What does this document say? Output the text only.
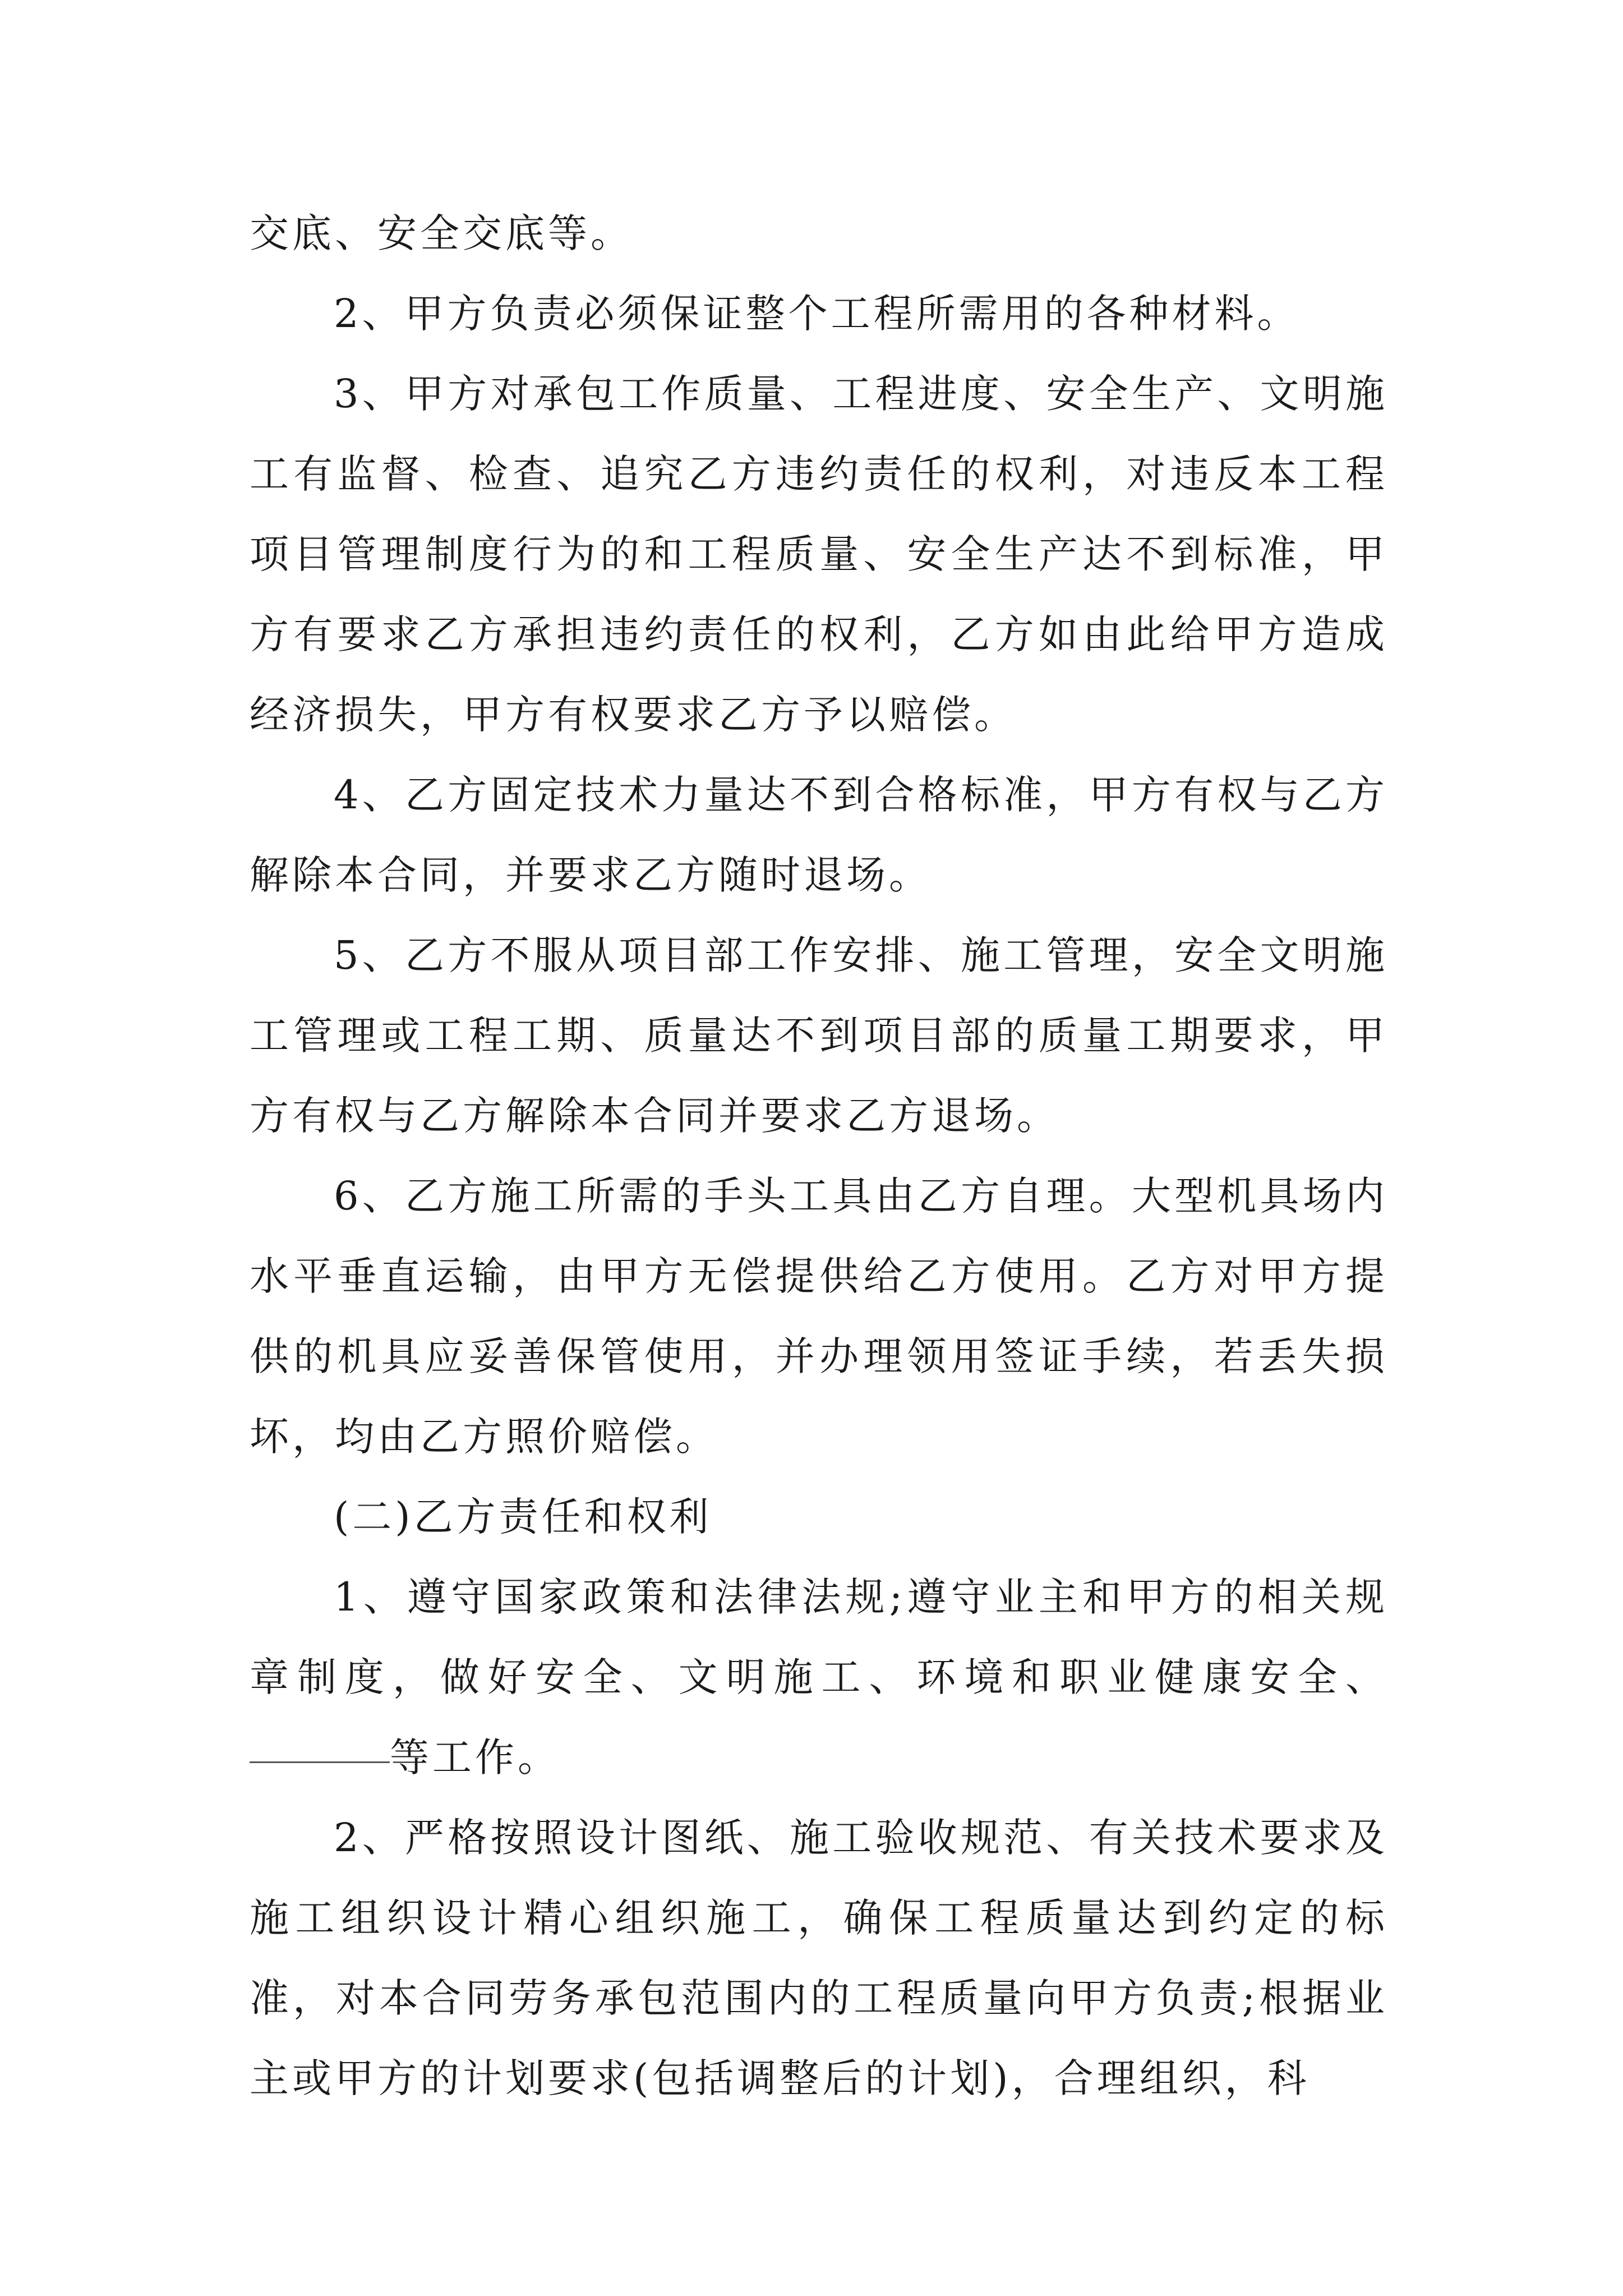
交底、安全交底等。

2、甲方负责必须保证整个工程所需用的各种材料。

3、甲方对承包工作质量、工程进度、安全生产、文明施工有监督、检查、追究乙方违约责任的权利，对违反本工程项目管理制度行为的和工程质量、安全生产达不到标准，甲方有要求乙方承担违约责任的权利，乙方如由此给甲方造成经济损失，甲方有权要求乙方予以赔偿。

4、乙方固定技术力量达不到合格标准，甲方有权与乙方解除本合同，并要求乙方随时退场。

5、乙方不服从项目部工作安排、施工管理，安全文明施工管理或工程工期、质量达不到项目部的质量工期要求，甲方有权与乙方解除本合同并要求乙方退场。

6、乙方施工所需的手头工具由乙方自理。大型机具场内水平垂直运输，由甲方无偿提供给乙方使用。乙方对甲方提供的机具应妥善保管使用，并办理领用签证手续，若丢失损坏，均由乙方照价赔偿。

(二)乙方责任和权利

1、遵守国家政策和法律法规;遵守业主和甲方的相关规章制度，做好安全、文明施工、环境和职业健康安全、等工作。

2、严格按照设计图纸、施工验收规范、有关技术要求及施工组织设计精心组织施工，确保工程质量达到约定的标准，对本合同劳务承包范围内的工程质量向甲方负责;根据业主或甲方的计划要求(包括调整后的计划)，合理组织，科
